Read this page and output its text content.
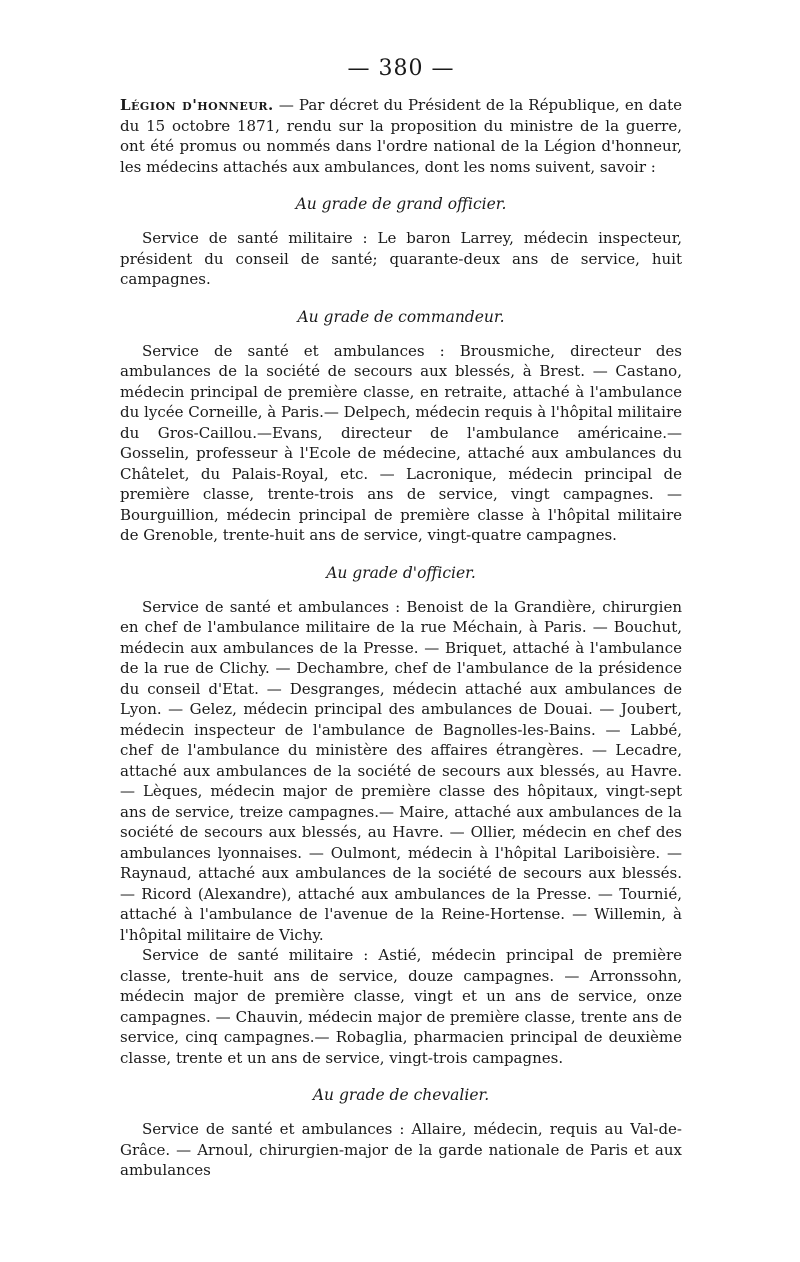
— 380 —

Légion d'honneur. — Par décret du Président de la République, en date du 15 octobre 1871, rendu sur la proposition du ministre de la guerre, ont été promus ou nommés dans l'ordre national de la Légion d'honneur, les médecins attachés aux ambulances, dont les noms suivent, savoir :

Au grade de grand officier.

Service de santé militaire : Le baron Larrey, médecin inspecteur, président du conseil de santé; quarante-deux ans de service, huit campagnes.

Au grade de commandeur.

Service de santé et ambulances : Brousmiche, directeur des ambulances de la société de secours aux blessés, à Brest. — Castano, médecin principal de première classe, en retraite, attaché à l'ambulance du lycée Corneille, à Paris.— Delpech, médecin requis à l'hôpital militaire du Gros-Caillou.—Evans, directeur de l'ambulance américaine.— Gosselin, professeur à l'Ecole de médecine, attaché aux ambulances du Châtelet, du Palais-Royal, etc. — Lacronique, médecin principal de première classe, trente-trois ans de service, vingt campagnes. — Bourguillion, médecin principal de première classe à l'hôpital militaire de Grenoble, trente-huit ans de service, vingt-quatre campagnes.

Au grade d'officier.

Service de santé et ambulances : Benoist de la Grandière, chirurgien en chef de l'ambulance militaire de la rue Méchain, à Paris. — Bouchut, médecin aux ambulances de la Presse. — Briquet, attaché à l'ambulance de la rue de Clichy. — Dechambre, chef de l'ambulance de la présidence du conseil d'Etat. — Desgranges, médecin attaché aux ambulances de Lyon. — Gelez, médecin principal des ambulances de Douai. — Joubert, médecin inspecteur de l'ambulance de Bagnolles-les-Bains. — Labbé, chef de l'ambulance du ministère des affaires étrangères. — Lecadre, attaché aux ambulances de la société de secours aux blessés, au Havre. — Lèques, médecin major de première classe des hôpitaux, vingt-sept ans de service, treize campagnes.— Maire, attaché aux ambulances de la société de secours aux blessés, au Havre. — Ollier, médecin en chef des ambulances lyonnaises. — Oulmont, médecin à l'hôpital Lariboisière. — Raynaud, attaché aux ambulances de la société de secours aux blessés. — Ricord (Alexandre), attaché aux ambulances de la Presse. — Tournié, attaché à l'ambulance de l'avenue de la Reine-Hortense. — Willemin, à l'hôpital militaire de Vichy.

Service de santé militaire : Astié, médecin principal de première classe, trente-huit ans de service, douze campagnes. — Arronssohn, médecin major de première classe, vingt et un ans de service, onze campagnes. — Chauvin, médecin major de première classe, trente ans de service, cinq campagnes.— Robaglia, pharmacien principal de deuxième classe, trente et un ans de service, vingt-trois campagnes.

Au grade de chevalier.

Service de santé et ambulances : Allaire, médecin, requis au Val-de-Grâce. — Arnoul, chirurgien-major de la garde nationale de Paris et aux ambulances
